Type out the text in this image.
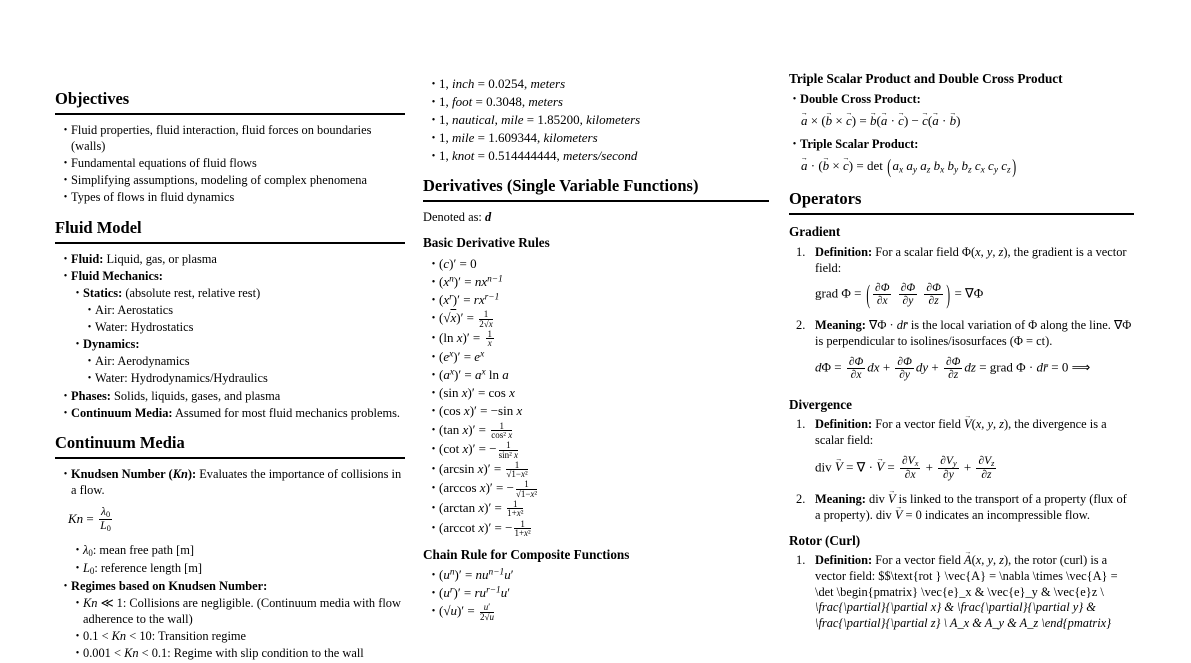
Objectives
•
Fluid properties, fluid interaction, fluid forces on boundaries (walls)
•
Fundamental equations of fluid flows
•
Simplifying assumptions, modeling of complex phenomena
•
Types of flows in fluid dynamics
Fluid Model
•
Fluid: Liquid, gas, or plasma
•
Fluid Mechanics:
•
Statics: (absolute rest, relative rest)
•
Air: Aerostatics
•
Water: Hydrostatics
•
Dynamics:
•
Air: Aerodynamics
•
Water: Hydrodynamics/Hydraulics
•
Phases: Solids, liquids, gases, and plasma
•
Continuum Media: Assumed for most fluid mechanics problems.
Continuum Media
•
Knudsen Number (Kn): Evaluates the importance of collisions in a flow.
$Kn = \frac{\lambda_0}{L_0}$
•
$\lambda_0$: mean free path [m]
•
$L_0$: reference length [m]
•
Regimes based on Knudsen Number:
•
Kn ≪ 1: Collisions are negligible. (Continuum media with flow adherence to the wall)
•
0.1 < Kn < 10: Transition regime
•
0.001 < Kn < 0.1: Regime with slip condition to the wall
•
1, inch = 0.0254, meters
•
1, foot = 0.3048, meters
•
1, nautical, mile = 1.85200, kilometers
•
1, mile = 1.609344, kilometers
•
1, knot = 0.514444444, meters/second
Derivatives (Single Variable Functions)

Denoted as: d

Basic Derivative Rules
•
(c)′ = 0
•
$(x^n)' = nx^{n-1}$
•
$(x^r)' = rx^{r-1}$
•
$(√x)' = \frac{1}{2√x}$
•
(ln $x)' = \frac{1}{x}$
•
$(e^x)' = e^x$
•
$(a^x)' = a^x$ ln a
•
(sin x)′ = cos x
•
(cos x)′ = −sin x
•
(tan $x)' = \frac{1}{\text{cos² x}}$
•
(cot x)′ = − $\frac{1}{\text{sin² x}}$
•
(arcsin $x)' = \frac{1}{\text{√1−x²}}$
•
(arccos x)′ = − $\frac{1}{\text{√1−x²}}$
•
(arctan $x)' = \frac{1}{\text{1+x²}}$
•
(arccot x)′ = − $\frac{1}{\text{1+x²}}$
Chain Rule for Composite Functions
•
$(u^n)' = nu^{n-1}u'$
•
$(u^r)' = ru^{r-1}u'$
•
$(√u)' = \frac{u'}{2√u}$
Triple Scalar Product and Double Cross Product
•
Double Cross Product:
a → × (b → × c →) = b →(a → · c →) − c →(a → · b →)
•
Triple Scalar Product:
a → · (b → × c →) = $\det (a_x$ $a_y$ $a_z$ $b_x$ $b_y$ $b_z$ $c_x$ $c_y$ $c_z$)
Operators
Gradient
1. Definition: For a scalar field Φ(x, y, z), the gradient is a vector field:
grad Φ = ( $\frac{\partial\Phi}{\partial x}$
$\frac{\partial\Phi}{\partial y}$
$\frac{\partial\Phi}{\partial z}$ ) = ∇Φ
2. Meaning: ∇Φ · dr̄ is the local variation of Φ along the line. ∇Φ is perpendicular to isolines/isosurfaces (Φ = ct).
$d\Phi = \frac{\partial\Phi}{\partial x}$ dx + $\frac{\partial\Phi}{\partial y}$ dy + $\frac{\partial\Phi}{\partial z}$ dz = grad Φ · dr̄ = 0 ⟹
Divergence
1. Definition: For a vector field V →(x, y, z), the divergence is a scalar field:
div V → = ∇ · V → = $\frac{\partial V_x}{\partial x} + \frac{\partial V_y}{\partial y} + \frac{\partial V_z}{\partial z}$
2. Meaning: div V → is linked to the transport of a property (flux of a property). div V → = 0 indicates an incompressible flow.
Rotor (Curl)
1. Definition: For a vector field A →(x, y, z), the rotor (curl) is a vector field: $$\text{rot } \vec{A} = \nabla \times \vec{A} = \det \begin{pmatrix} \vec{e}_x & \vec{e}_y & \vec{e}z \ \frac{\partial}{\partial x} & \frac{\partial}{\partial y} & \frac{\partial}{\partial z} \ A_x & A_y & A_z \end{pmatrix}
